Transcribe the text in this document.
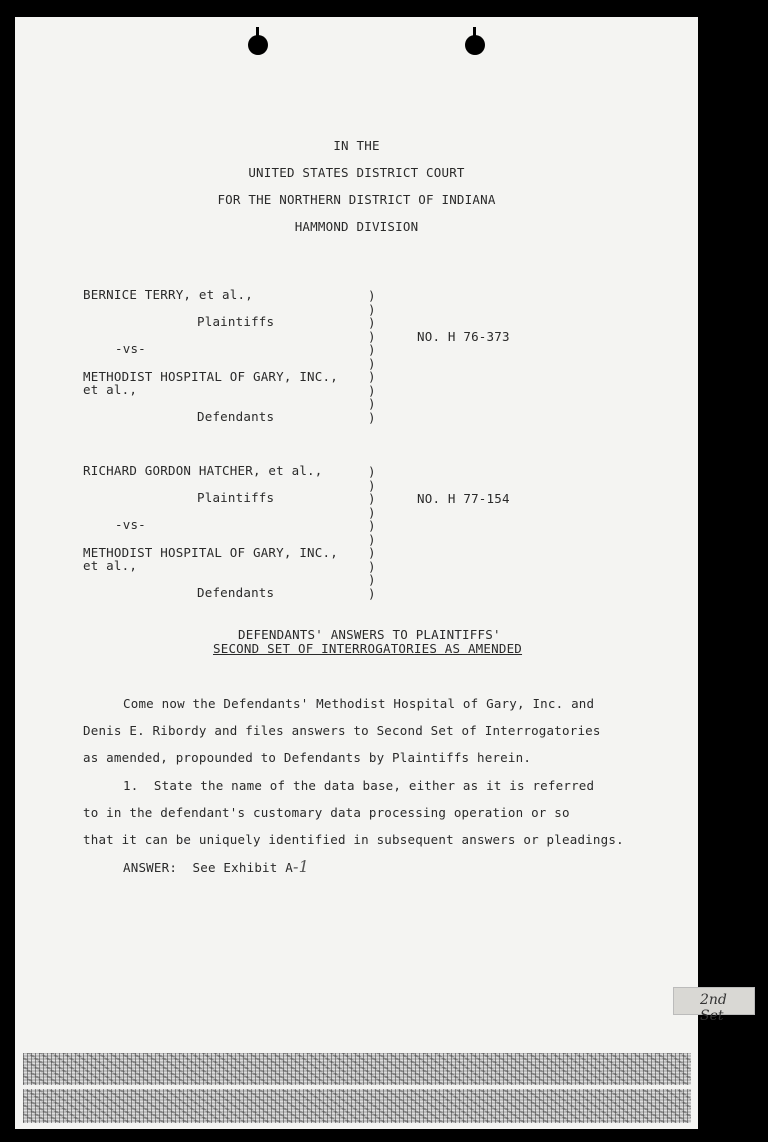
IN THE
UNITED STATES DISTRICT COURT
FOR THE NORTHERN DISTRICT OF INDIANA
HAMMOND DIVISION
BERNICE TERRY, et al.,
Plaintiffs
-vs-
METHODIST HOSPITAL OF GARY, INC.,
et al.,
Defendants
)
)
)
)
)
)
)
)
)
)
NO. H 76-373
RICHARD GORDON HATCHER, et al.,
Plaintiffs
-vs-
METHODIST HOSPITAL OF GARY, INC.,
et al.,
Defendants
)
)
)
)
)
)
)
)
)
)
NO. H 77-154
DEFENDANTS' ANSWERS TO PLAINTIFFS'
SECOND SET OF INTERROGATORIES AS AMENDED
Come now the Defendants' Methodist Hospital of Gary, Inc. and
Denis E. Ribordy and files answers to Second Set of Interrogatories
as amended, propounded to Defendants by Plaintiffs herein.
1.  State the name of the data base, either as it is referred
to in the defendant's customary data processing operation or so
that it can be uniquely identified in subsequent answers or pleadings.
ANSWER:  See Exhibit A-1
2nd Set
